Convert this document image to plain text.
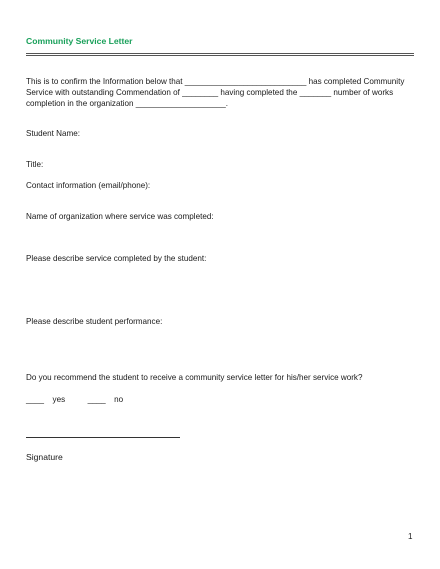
Community Service Letter
This is to confirm the Information below that ___________________________ has completed Community
Service with outstanding Commendation of ________ having completed the _______ number of works
completion in the organization ____________________.
Student Name:
Title:
Contact information (email/phone):
Name of organization where service was completed:
Please describe service completed by the student:
Please describe student performance:
Do you recommend the student to receive a community service letter for his/her service work?
____ yes	____ no
Signature
1
